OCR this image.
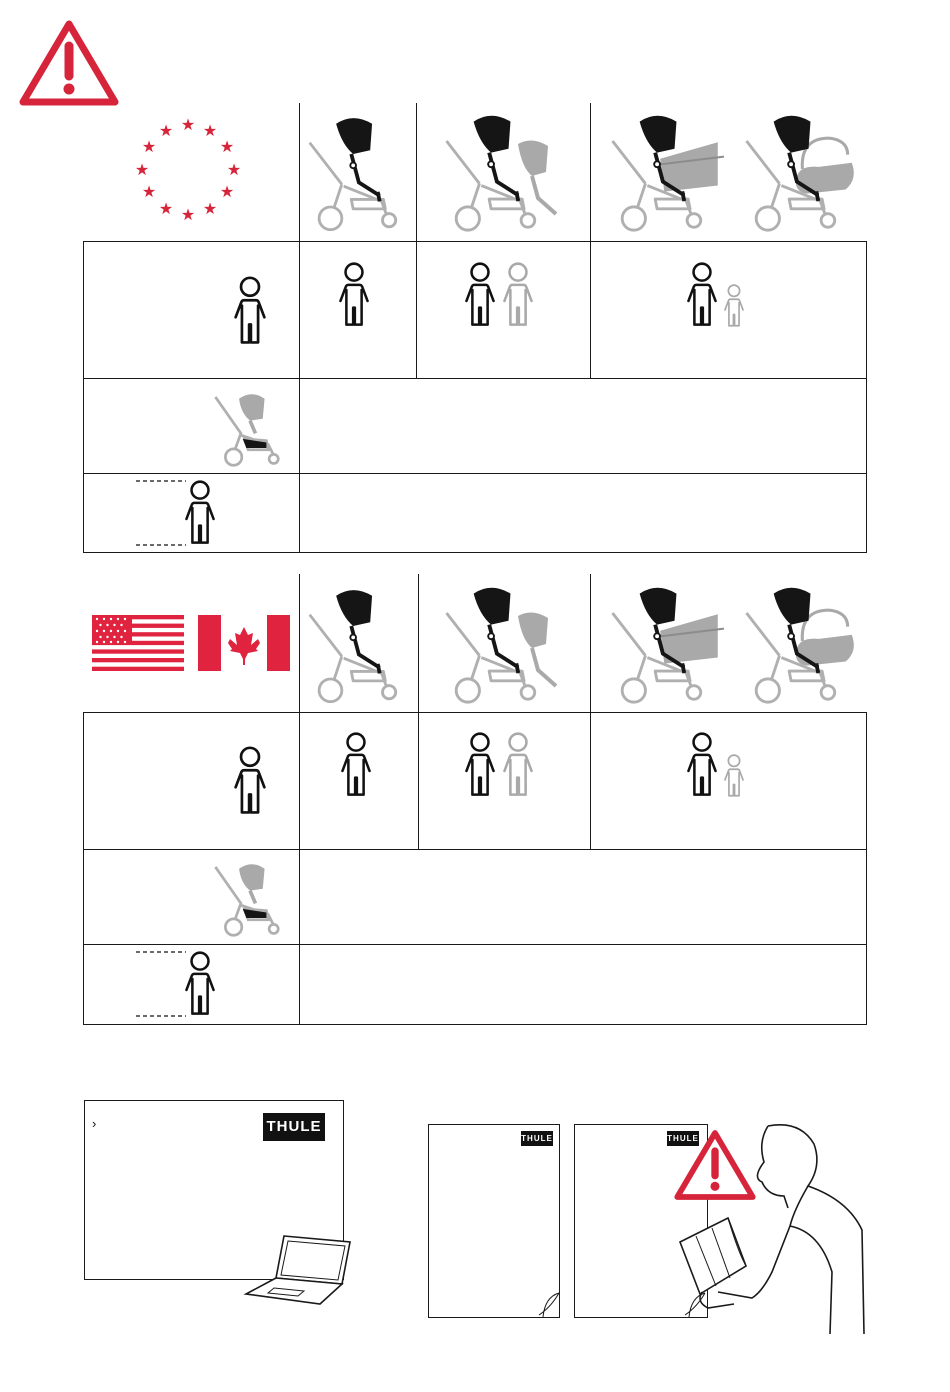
★ ★
★
★
★
★
★
★
★
★
★
★
›	THULE
THULE	THULE
